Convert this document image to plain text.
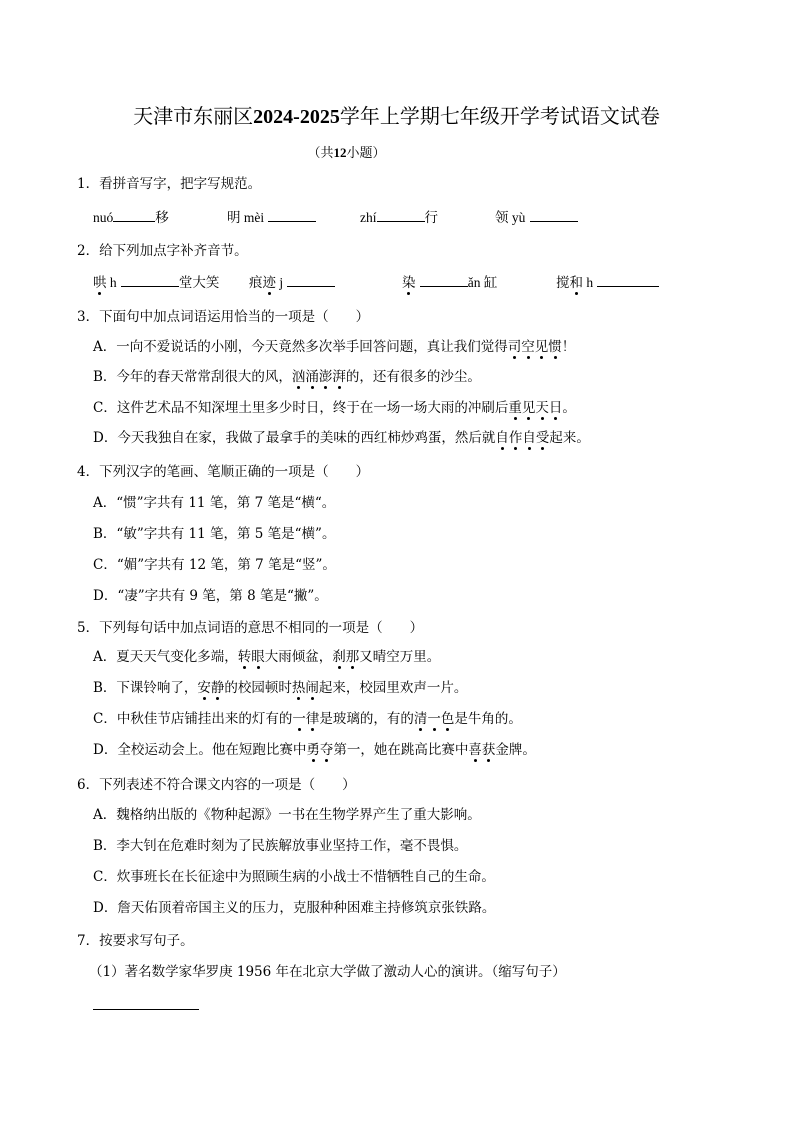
天津市东丽区2024-2025学年上学期七年级开学考试语文试卷
（共12小题）
1．看拼音写字，把字写规范。
nuó	移	明 mèi	zhí	行	领 yù
2．给下列加点字补齐音节。
哄 h	堂大笑 痕迹 j	染	ǎn 缸	搅和 h
3．下面句中加点词语运用恰当的一项是（　　）
A．一向不爱说话的小刚，今天竟然多次举手回答问题，真让我们觉得司空见惯！
B．今年的春天常常刮很大的风，汹涌澎湃的，还有很多的沙尘。
C．这件艺术品不知深埋土里多少时日，终于在一场一场大雨的冲刷后重见天日。
D．今天我独自在家，我做了最拿手的美味的西红柿炒鸡蛋，然后就自作自受起来。
4．下列汉字的笔画、笔顺正确的一项是（　　）
A．“惯”字共有 11 笔，第 7 笔是“横“。
B．“敏”字共有 11 笔，第 5 笔是“横”。
C．“媚”字共有 12 笔，第 7 笔是“竖”。
D．“凄”字共有 9 笔，第 8 笔是“撇”。
5．下列每句话中加点词语的意思不相同的一项是（　　）
A．夏天天气变化多端，转眼大雨倾盆，刹那又晴空万里。
B．下课铃响了，安静的校园顿时热闹起来，校园里欢声一片。
C．中秋佳节店铺挂出来的灯有的一律是玻璃的，有的清一色是牛角的。
D．全校运动会上。他在短跑比赛中勇夺第一，她在跳高比赛中喜获金牌。
6．下列表述不符合课文内容的一项是（　　）
A．魏格纳出版的《物种起源》一书在生物学界产生了重大影响。
B．李大钊在危难时刻为了民族解放事业坚持工作，毫不畏惧。
C．炊事班长在长征途中为照顾生病的小战士不惜牺牲自己的生命。
D．詹天佑顶着帝国主义的压力，克服种种困难主持修筑京张铁路。
7．按要求写句子。
（1）著名数学家华罗庚 1956 年在北京大学做了激动人心的演讲。（缩写句子）
